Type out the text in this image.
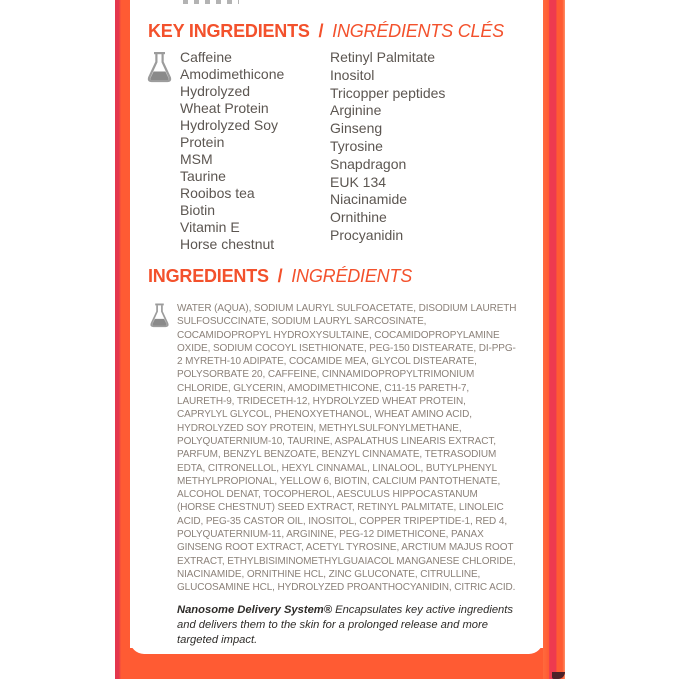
KEY INGREDIENTS / INGRÉDIENTS CLÉS
Caffeine
Amodimethicone
Hydrolyzed Wheat Protein
Hydrolyzed Soy Protein
MSM
Taurine
Rooibos tea
Biotin
Vitamin E
Horse chestnut
Retinyl Palmitate
Inositol
Tricopper peptides
Arginine
Ginseng
Tyrosine
Snapdragon
EUK 134
Niacinamide
Ornithine
Procyanidin
INGREDIENTS / INGRÉDIENTS
WATER (AQUA), SODIUM LAURYL SULFOACETATE, DISODIUM LAURETH SULFOSUCCINATE, SODIUM LAURYL SARCOSINATE, COCAMIDOPROPYL HYDROXYSULTAINE, COCAMIDOPROPYLAMINE OXIDE, SODIUM COCOYL ISETHIONATE, PEG-150 DISTEARATE, DI-PPG-2 MYRETH-10 ADIPATE, COCAMIDE MEA, GLYCOL DISTEARATE, POLYSORBATE 20, CAFFEINE, CINNAMIDOPROPYLTRIMONIUM CHLORIDE, GLYCERIN, AMODIMETHICONE, C11-15 PARETH-7, LAURETH-9, TRIDECETH-12, HYDROLYZED WHEAT PROTEIN, CAPRYLYL GLYCOL, PHENOXYETHANOL, WHEAT AMINO ACID, HYDROLYZED SOY PROTEIN, METHYLSULFONYLMETHANE, POLYQUATERNIUM-10, TAURINE, ASPALATHUS LINEARIS EXTRACT, PARFUM, BENZYL BENZOATE, BENZYL CINNAMATE, TETRASODIUM EDTA, CITRONELLOL, HEXYL CINNAMAL, LINALOOL, BUTYLPHENYL METHYLPROPIONAL, YELLOW 6, BIOTIN, CALCIUM PANTOTHENATE, ALCOHOL DENAT, TOCOPHEROL, AESCULUS HIPPOCASTANUM (HORSE CHESTNUT) SEED EXTRACT, RETINYL PALMITATE, LINOLEIC ACID, PEG-35 CASTOR OIL, INOSITOL, COPPER TRIPEPTIDE-1, RED 4, POLYQUATERNIUM-11, ARGININE, PEG-12 DIMETHICONE, PANAX GINSENG ROOT EXTRACT, ACETYL TYROSINE, ARCTIUM MAJUS ROOT EXTRACT, ETHYLBISIMINOMETHYLGUAIACOL MANGANESE CHLORIDE, NIACINAMIDE, ORNITHINE HCL, ZINC GLUCONATE, CITRULLINE, GLUCOSAMINE HCL, HYDROLYZED PROANTHOCYANIDIN, CITRIC ACID.
Nanosome Delivery System® Encapsulates key active ingredients and delivers them to the skin for a prolonged release and more targeted impact.
